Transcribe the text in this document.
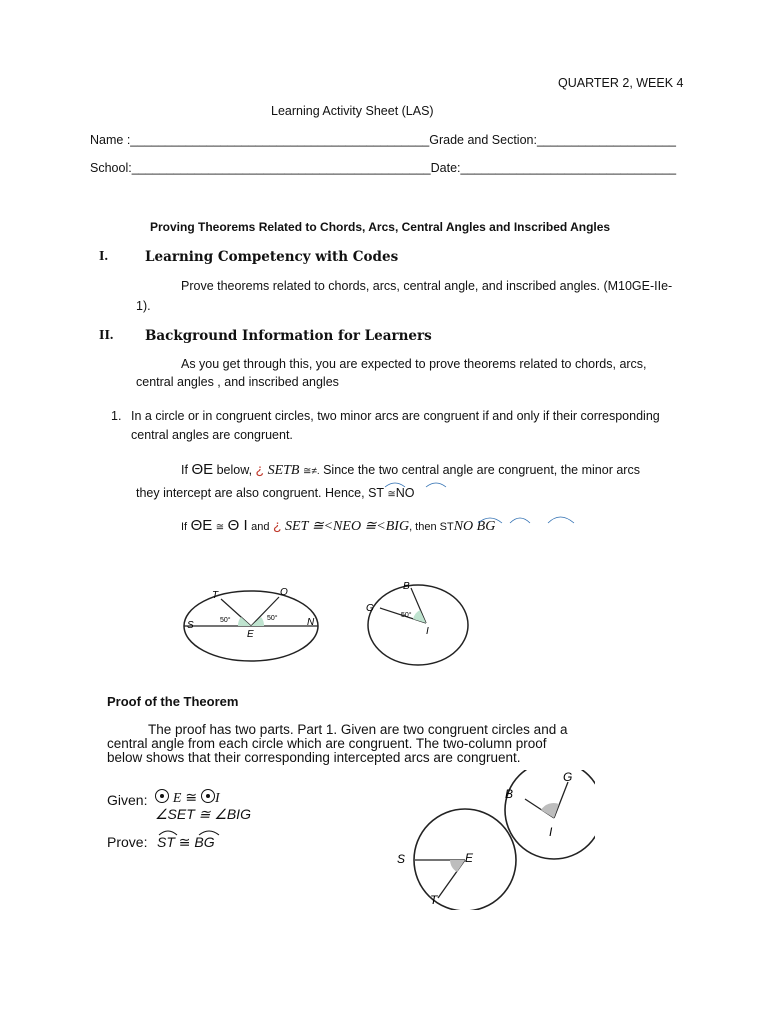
QUARTER 2, WEEK 4
Learning Activity Sheet (LAS)
Name :___________________________________________Grade and Section:____________________
School:___________________________________________Date:_______________________________
Proving Theorems Related to Chords, Arcs, Central Angles and Inscribed Angles
I.	Learning Competency with Codes
Prove theorems related to chords, arcs, central angle, and inscribed angles. (M10GE-IIe-
1).
II. Background Information for Learners
As you get through this, you are expected to prove theorems related to chords, arcs,
central angles , and inscribed angles
1. In a circle or in congruent circles, two minor arcs are congruent if and only if their corresponding
central angles are congruent.
If ΘE below, ¿ SETB ≅≠. Since the two central angle are congruent, the minor arcs
they intercept are also congruent. Hence, ST ≅NO
If ΘE ≅ Θ I and ¿ SET ≅<NEO ≅<BIG, then STNO BG
T	O
S	N
E
50°	50°
B
G
I
50°
Proof of the Theorem
The proof has two parts. Part 1. Given are two congruent circles and a
central angle from each circle which are congruent. The two-column proof
below shows that their corresponding intercepted arcs are congruent.
Given:	E ≅ I
∠SET ≅ ∠BIG
Prove: ST ≅ BG
B
G
I
S	E
T
